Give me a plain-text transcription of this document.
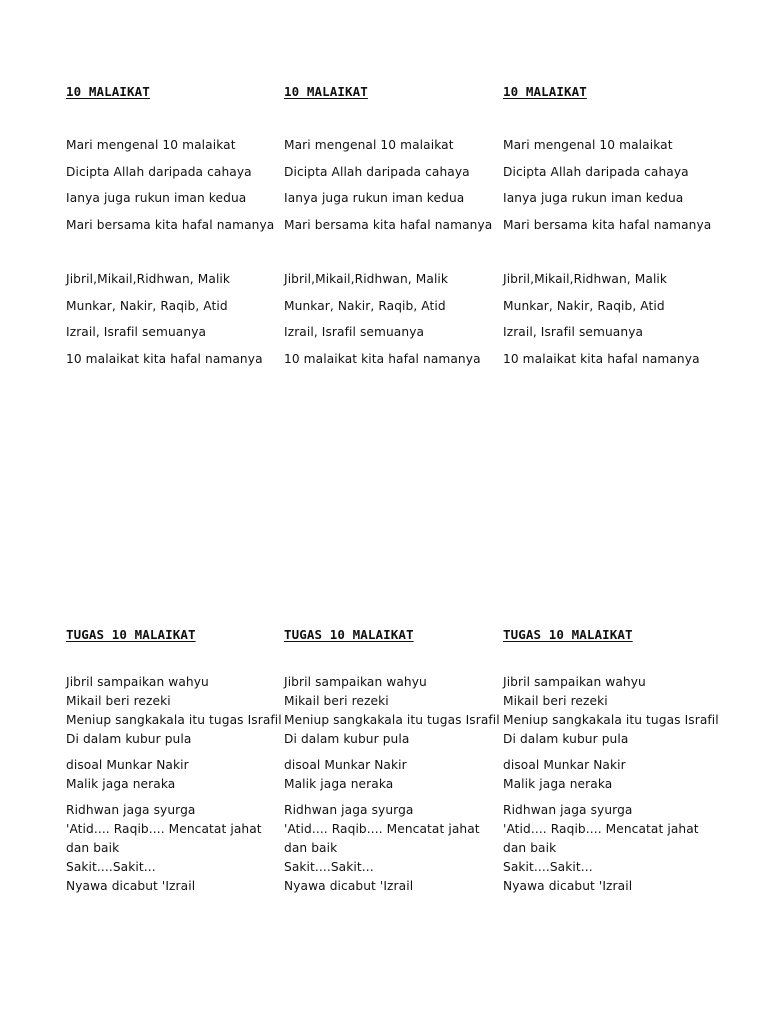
10 MALAIKAT

Mari mengenal 10 malaikat
Dicipta Allah daripada cahaya
Ianya juga rukun iman kedua
Mari bersama kita hafal namanya
Jibril,Mikail,Ridhwan, Malik
Munkar, Nakir, Raqib, Atid
Izrail, Israfil semuanya
10 malaikat kita hafal namanya

10 MALAIKAT

Mari mengenal 10 malaikat
Dicipta Allah daripada cahaya
Ianya juga rukun iman kedua
Mari bersama kita hafal namanya
Jibril,Mikail,Ridhwan, Malik
Munkar, Nakir, Raqib, Atid
Izrail, Israfil semuanya
10 malaikat kita hafal namanya

10 MALAIKAT

Mari mengenal 10 malaikat
Dicipta Allah daripada cahaya
Ianya juga rukun iman kedua
Mari bersama kita hafal namanya
Jibril,Mikail,Ridhwan, Malik
Munkar, Nakir, Raqib, Atid
Izrail, Israfil semuanya
10 malaikat kita hafal namanya

TUGAS 10 MALAIKAT

Jibril sampaikan wahyu
Mikail beri rezeki
Meniup sangkakala itu tugas Israfil
Di dalam kubur pula
disoal Munkar Nakir
Malik jaga neraka
Ridhwan jaga syurga
'Atid.... Raqib.... Mencatat jahat dan baik
Sakit....Sakit...
Nyawa dicabut 'Izrail

TUGAS 10 MALAIKAT

Jibril sampaikan wahyu
Mikail beri rezeki
Meniup sangkakala itu tugas Israfil
Di dalam kubur pula
disoal Munkar Nakir
Malik jaga neraka
Ridhwan jaga syurga
'Atid.... Raqib.... Mencatat jahat dan baik
Sakit....Sakit...
Nyawa dicabut 'Izrail

TUGAS 10 MALAIKAT

Jibril sampaikan wahyu
Mikail beri rezeki
Meniup sangkakala itu tugas Israfil
Di dalam kubur pula
disoal Munkar Nakir
Malik jaga neraka
Ridhwan jaga syurga
'Atid.... Raqib.... Mencatat jahat dan baik
Sakit....Sakit...
Nyawa dicabut 'Izrail
